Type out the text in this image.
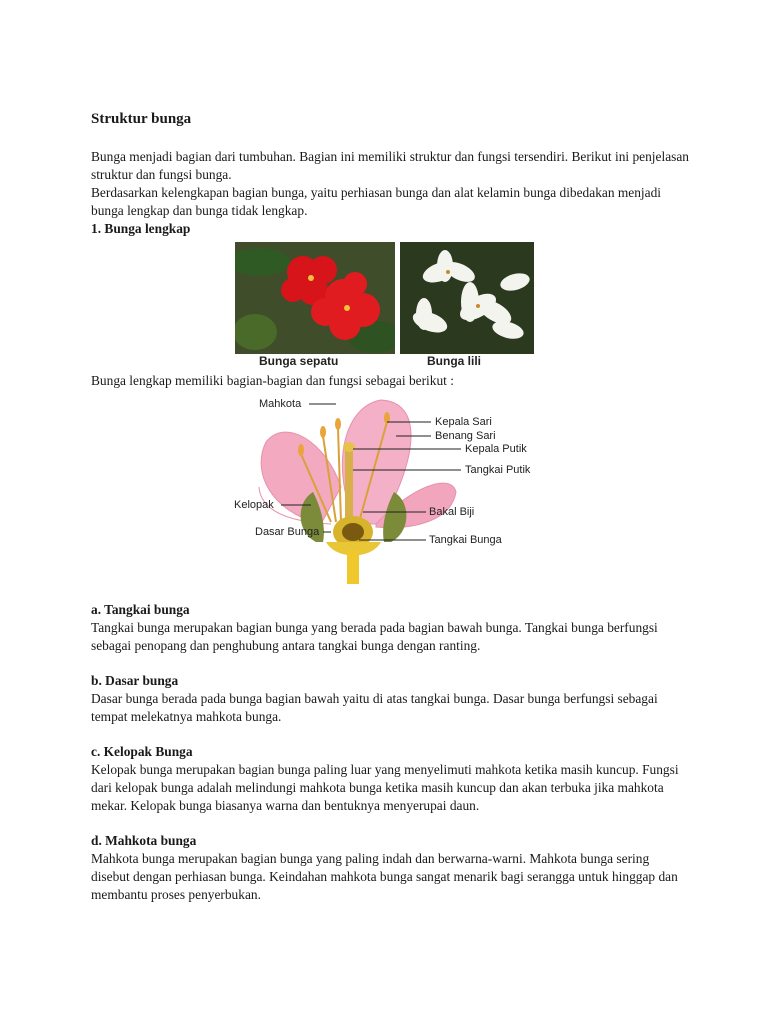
Struktur bunga

Bunga menjadi bagian dari tumbuhan. Bagian ini memiliki struktur dan fungsi tersendiri. Berikut ini penjelasan struktur dan fungsi bunga.

Berdasarkan kelengkapan bagian bunga, yaitu perhiasan bunga dan alat kelamin bunga dibedakan menjadi bunga lengkap dan bunga tidak lengkap.

1. Bunga lengkap

Bunga sepatu	Bunga lili

Bunga lengkap memiliki bagian-bagian dan fungsi sebagai berikut :

Mahkota
Kepala Sari
Benang Sari
Kepala Putik
Tangkai Putik
Kelopak
Bakal Biji
Dasar Bunga
Tangkai Bunga

a. Tangkai bunga

Tangkai bunga merupakan bagian bunga yang berada pada bagian bawah bunga. Tangkai bunga berfungsi sebagai penopang dan penghubung antara tangkai bunga dengan ranting.

b. Dasar bunga

Dasar bunga berada pada bunga bagian bawah yaitu di atas tangkai bunga. Dasar bunga berfungsi sebagai tempat melekatnya mahkota bunga.

c. Kelopak Bunga

Kelopak bunga merupakan bagian bunga paling luar yang menyelimuti mahkota ketika masih kuncup. Fungsi dari kelopak bunga adalah melindungi mahkota bunga ketika masih kuncup dan akan terbuka jika mahkota mekar. Kelopak bunga biasanya warna dan bentuknya menyerupai daun.

d. Mahkota bunga

Mahkota bunga merupakan bagian bunga yang paling indah dan berwarna-warni. Mahkota bunga sering disebut dengan perhiasan bunga. Keindahan mahkota bunga sangat menarik bagi serangga untuk hinggap dan membantu proses penyerbukan.
